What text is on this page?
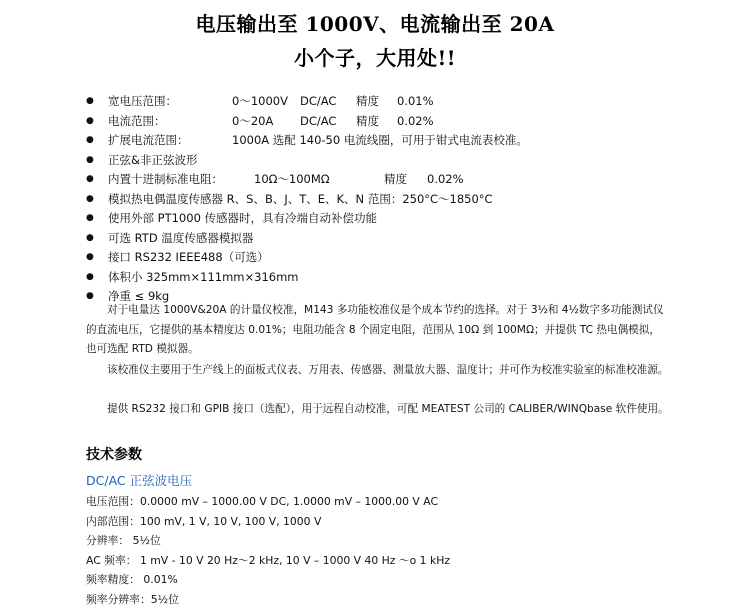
电压输出至 1000V、电流输出至 20A
小个子，大用处!!
● 宽电压范围：	0～1000V DC/AC 精度 0.01%
● 电流范围：	0～20A DC/AC 精度 0.02%
● 扩展电流范围：	1000A 选配 140-50 电流线圈，可用于钳式电流表校准。
● 正弦&非正弦波形
● 内置十进制标准电阻：	10Ω～100MΩ	精度 0.02%
● 模拟热电偶温度传感器 R、S、B、J、T、E、K、N 范围：250°C～1850°C
● 使用外部 PT1000 传感器时，具有冷端自动补偿功能
● 可选 RTD 温度传感器模拟器
● 接口 RS232 IEEE488（可选）
● 体积小 325mm×111mm×316mm
● 净重 ≤ 9kg

对于电量达 1000V&20A 的计量仪校准，M143 多功能校准仪是个成本节约的选择。对于 3½和 4½数字多功能测试仪的直流电压，它提供的基本精度达 0.01%；电阻功能含 8 个固定电阻，范围从 10Ω 到 100MΩ；并提供 TC 热电偶模拟，也可选配 RTD 模拟器。

该校准仪主要用于生产线上的面板式仪表、万用表、传感器、测量放大器、温度计；并可作为校准实验室的标准校准源。

提供 RS232 接口和 GPIB 接口（选配），用于远程自动校准，可配 MEATEST 公司的 CALIBER/WINQbase 软件使用。

技术参数
DC/AC 正弦波电压
电压范围：0.0000 mV – 1000.00 V DC, 1.0000 mV – 1000.00 V AC
内部范围：100 mV, 1 V, 10 V, 100 V, 1000 V
分辨率： 5½位
AC 频率： 1 mV - 10 V 20 Hz～2 kHz, 10 V – 1000 V 40 Hz ～o 1 kHz
频率精度： 0.01%
频率分辨率：5½位
